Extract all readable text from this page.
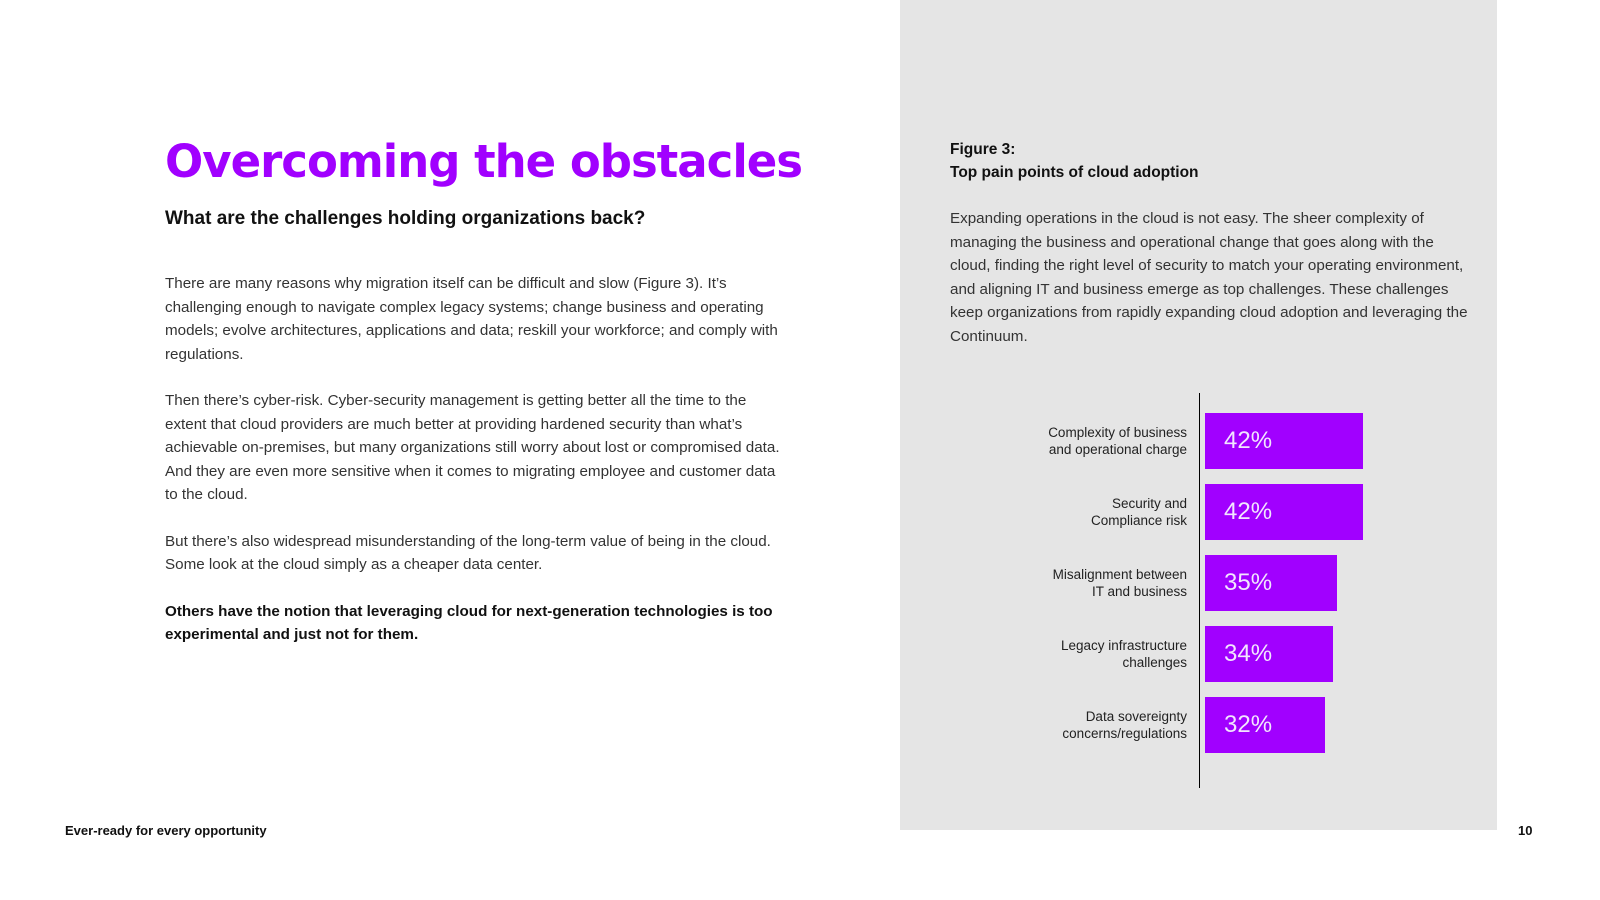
Overcoming the obstacles
What are the challenges holding organizations back?

There are many reasons why migration itself can be difficult and slow (Figure 3). It’s challenging enough to navigate complex legacy systems; change business and operating models; evolve architectures, applications and data; reskill your workforce; and comply with regulations.

Then there’s cyber-risk. Cyber-security management is getting better all the time to the extent that cloud providers are much better at providing hardened security than what’s achievable on-premises, but many organizations still worry about lost or compromised data. And they are even more sensitive when it comes to migrating employee and customer data to the cloud.

But there’s also widespread misunderstanding of the long-term value of being in the cloud. Some look at the cloud simply as a cheaper data center.

Others have the notion that leveraging cloud for next-generation technologies is too experimental and just not for them.

Figure 3:
Top pain points of cloud adoption
Expanding operations in the cloud is not easy. The sheer complexity of managing the business and operational change that goes along with the cloud, finding the right level of security to match your operating environment, and aligning IT and business emerge as top challenges. These challenges keep organizations from rapidly expanding cloud adoption and leveraging the Continuum.
Complexity of business
and operational charge	42%
Security and
Compliance risk	42%
Misalignment between
IT and business	35%
Legacy infrastructure
challenges	34%
Data sovereignty
concerns/regulations	32%
Ever-ready for every opportunity	10
